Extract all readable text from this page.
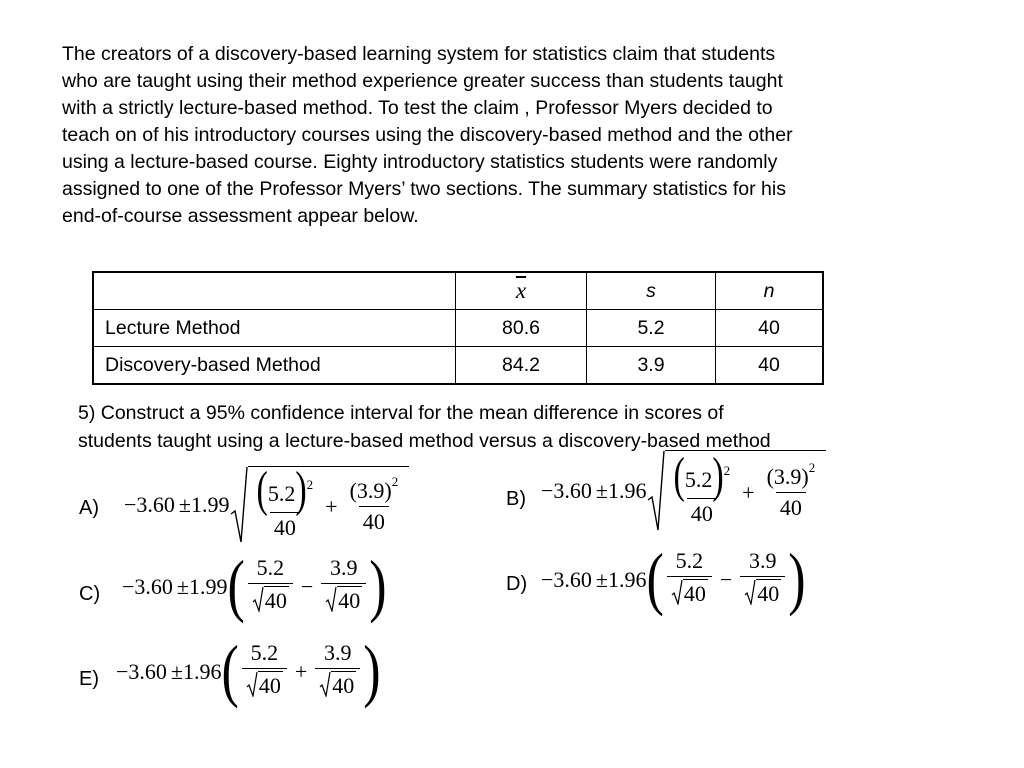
The creators of a discovery-based learning system for statistics claim that students
who are taught using their method experience greater success than students taught
with a strictly lecture-based method. To test the claim , Professor Myers decided to
teach on of his introductory courses using the discovery-based method and the other
using a lecture-based course. Eighty introductory statistics students were randomly
assigned to one of the Professor Myers’ two sections. The summary statistics for his
end-of-course assessment appear below.
	$\overline{x}$	s	n
Lecture Method	80.6	5.2	40
Discovery-based Method	84.2	3.9	40
5) Construct a 95% confidence interval for the mean difference in scores of
students taught using a lecture-based method versus a discovery-based method
$A) -3.60 \pm 1.99 \frac{(5.2)^2}{40} + \frac{(3.9)^2}{40}$	$B) -3.60 \pm 1.96 \frac{(5.2)^2}{40} + \frac{(3.9)^2}{40}$
C) −3.60 ± 1.99 ( $\frac{5.2}{40} - \frac{3.9}{40}$ )	D) −3.60 ± 1.96 ( $\frac{5.2}{40} - \frac{3.9}{40}$ )
E) −3.60 ± 1.96 ( $\frac{5.2}{40} + \frac{3.9}{40}$ )
